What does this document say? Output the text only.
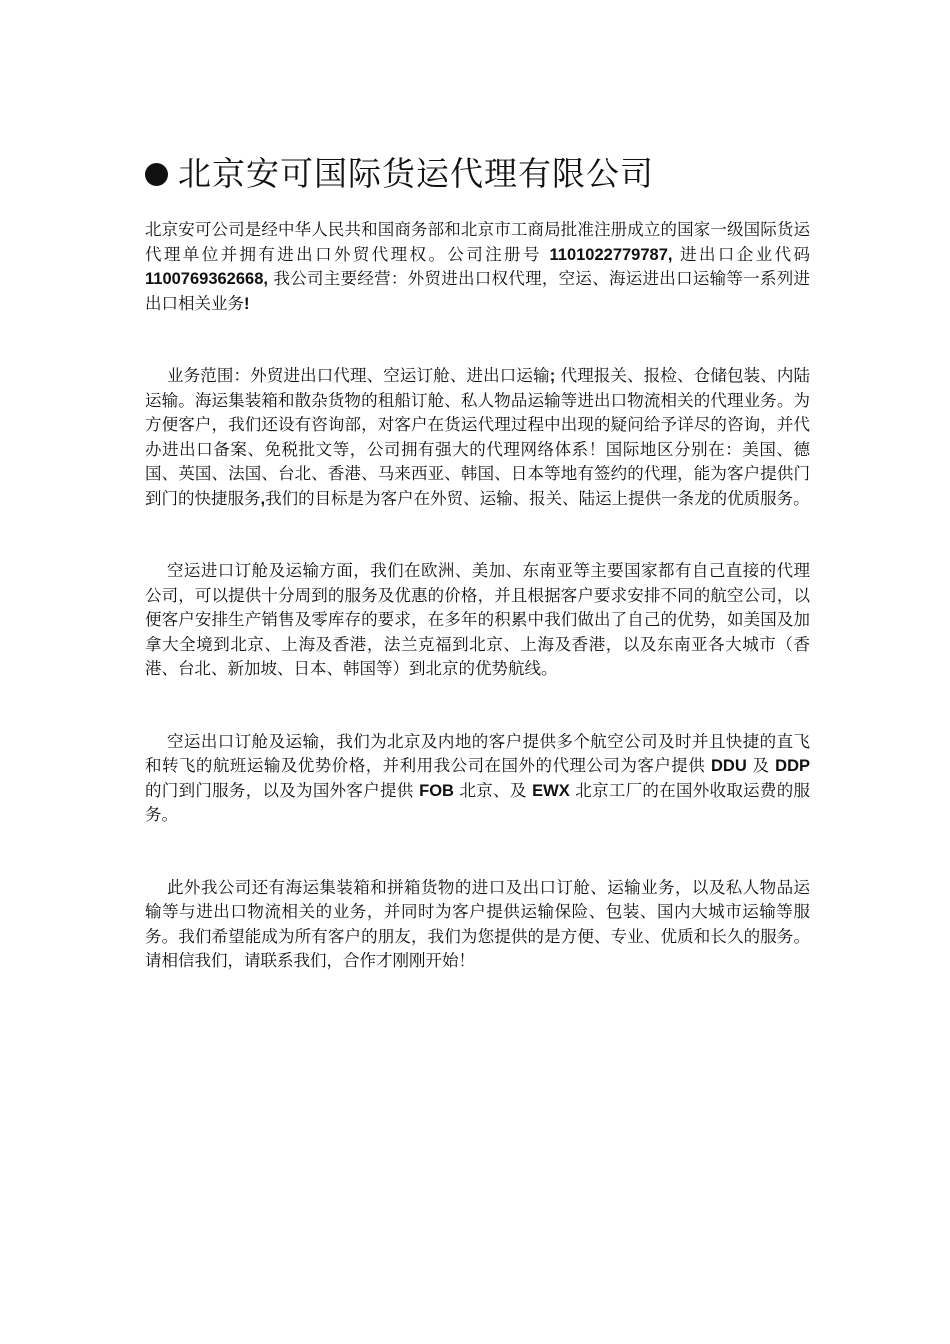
北京安可国际货运代理有限公司

北京安可公司是经中华人民共和国商务部和北京市工商局批准注册成立的国家一级国际货运代理单位并拥有进出口外贸代理权。公司注册号 1101022779787, 进出口企业代码 1100769362668, 我公司主要经营：外贸进出口权代理，空运、海运进出口运输等一系列进出口相关业务!

业务范围：外贸进出口代理、空运订舱、进出口运输; 代理报关、报检、仓储包装、内陆运输。海运集装箱和散杂货物的租船订舱、私人物品运输等进出口物流相关的代理业务。为方便客户，我们还设有咨询部，对客户在货运代理过程中出现的疑问给予详尽的咨询，并代办进出口备案、免税批文等，公司拥有强大的代理网络体系！国际地区分别在：美国、德国、英国、法国、台北、香港、马来西亚、韩国、日本等地有签约的代理，能为客户提供门到门的快捷服务,我们的目标是为客户在外贸、运输、报关、陆运上提供一条龙的优质服务。

空运进口订舱及运输方面，我们在欧洲、美加、东南亚等主要国家都有自己直接的代理公司，可以提供十分周到的服务及优惠的价格，并且根据客户要求安排不同的航空公司，以便客户安排生产销售及零库存的要求，在多年的积累中我们做出了自己的优势，如美国及加拿大全境到北京、上海及香港，法兰克福到北京、上海及香港，以及东南亚各大城市（香港、台北、新加坡、日本、韩国等）到北京的优势航线。

空运出口订舱及运输，我们为北京及内地的客户提供多个航空公司及时并且快捷的直飞和转飞的航班运输及优势价格，并利用我公司在国外的代理公司为客户提供 DDU 及 DDP 的门到门服务，以及为国外客户提供 FOB 北京、及 EWX 北京工厂的在国外收取运费的服务。

此外我公司还有海运集装箱和拼箱货物的进口及出口订舱、运输业务，以及私人物品运输等与进出口物流相关的业务，并同时为客户提供运输保险、包装、国内大城市运输等服务。我们希望能成为所有客户的朋友，我们为您提供的是方便、专业、优质和长久的服务。请相信我们，请联系我们，合作才刚刚开始！
